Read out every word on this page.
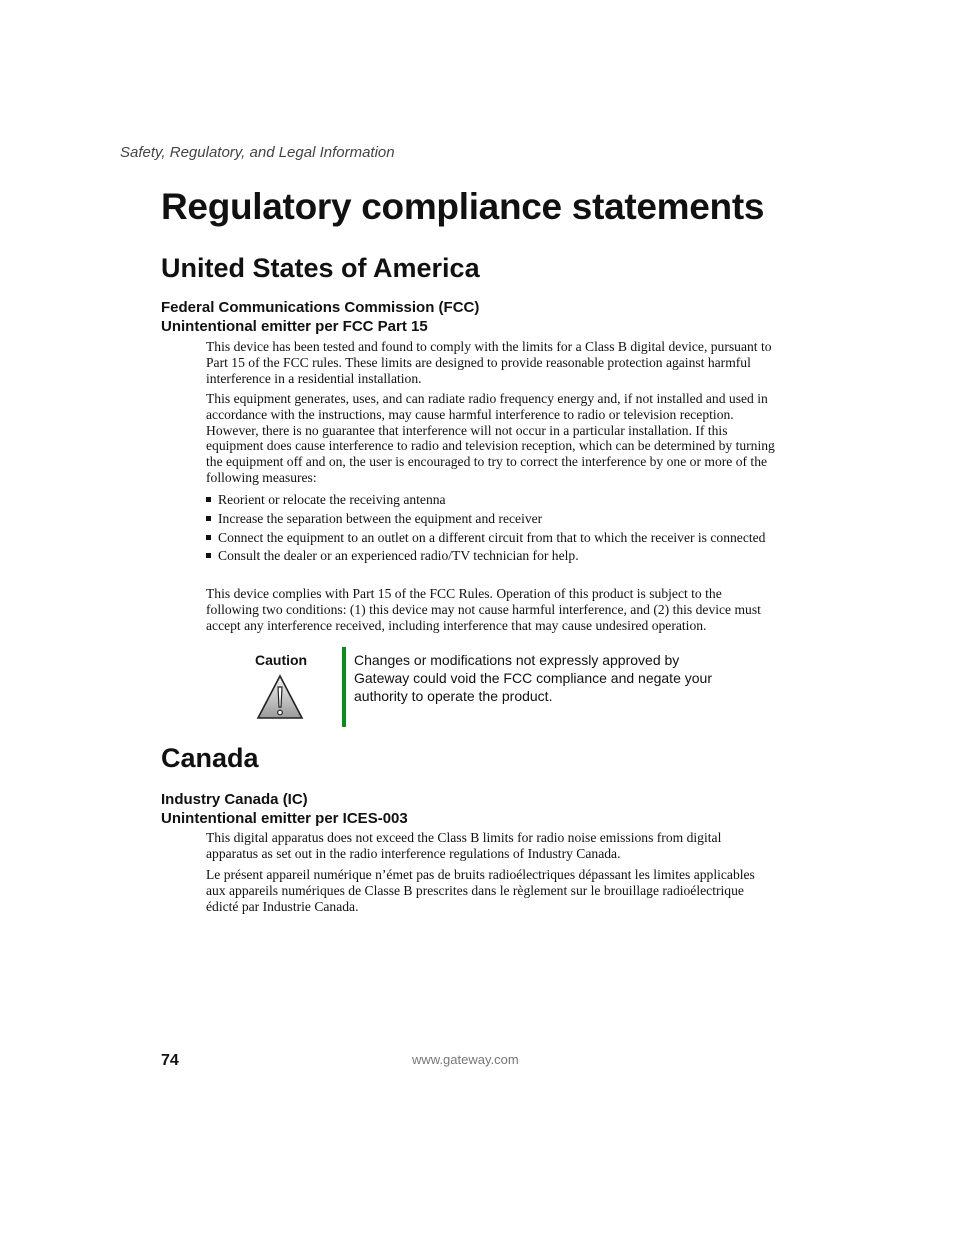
Safety, Regulatory, and Legal Information
Regulatory compliance statements
United States of America
Federal Communications Commission (FCC)
Unintentional emitter per FCC Part 15

This device has been tested and found to comply with the limits for a Class B digital device, pursuant to Part 15 of the FCC rules. These limits are designed to provide reasonable protection against harmful interference in a residential installation.

This equipment generates, uses, and can radiate radio frequency energy and, if not installed and used in accordance with the instructions, may cause harmful interference to radio or television reception. However, there is no guarantee that interference will not occur in a particular installation. If this equipment does cause interference to radio and television reception, which can be determined by turning the equipment off and on, the user is encouraged to try to correct the interference by one or more of the following measures:

Reorient or relocate the receiving antenna
Increase the separation between the equipment and receiver
Connect the equipment to an outlet on a different circuit from that to which the receiver is connected
Consult the dealer or an experienced radio/TV technician for help.

This device complies with Part 15 of the FCC Rules. Operation of this product is subject to the following two conditions: (1) this device may not cause harmful interference, and (2) this device must accept any interference received, including interference that may cause undesired operation.

Caution	Changes or modifications not expressly approved by Gateway could void the FCC compliance and negate your authority to operate the product.
Canada
Industry Canada (IC)
Unintentional emitter per ICES-003

This digital apparatus does not exceed the Class B limits for radio noise emissions from digital apparatus as set out in the radio interference regulations of Industry Canada.

Le présent appareil numérique n’émet pas de bruits radioélectriques dépassant les limites applicables aux appareils numériques de Classe B prescrites dans le règlement sur le brouillage radioélectrique édicté par Industrie Canada.

74	www.gateway.com
